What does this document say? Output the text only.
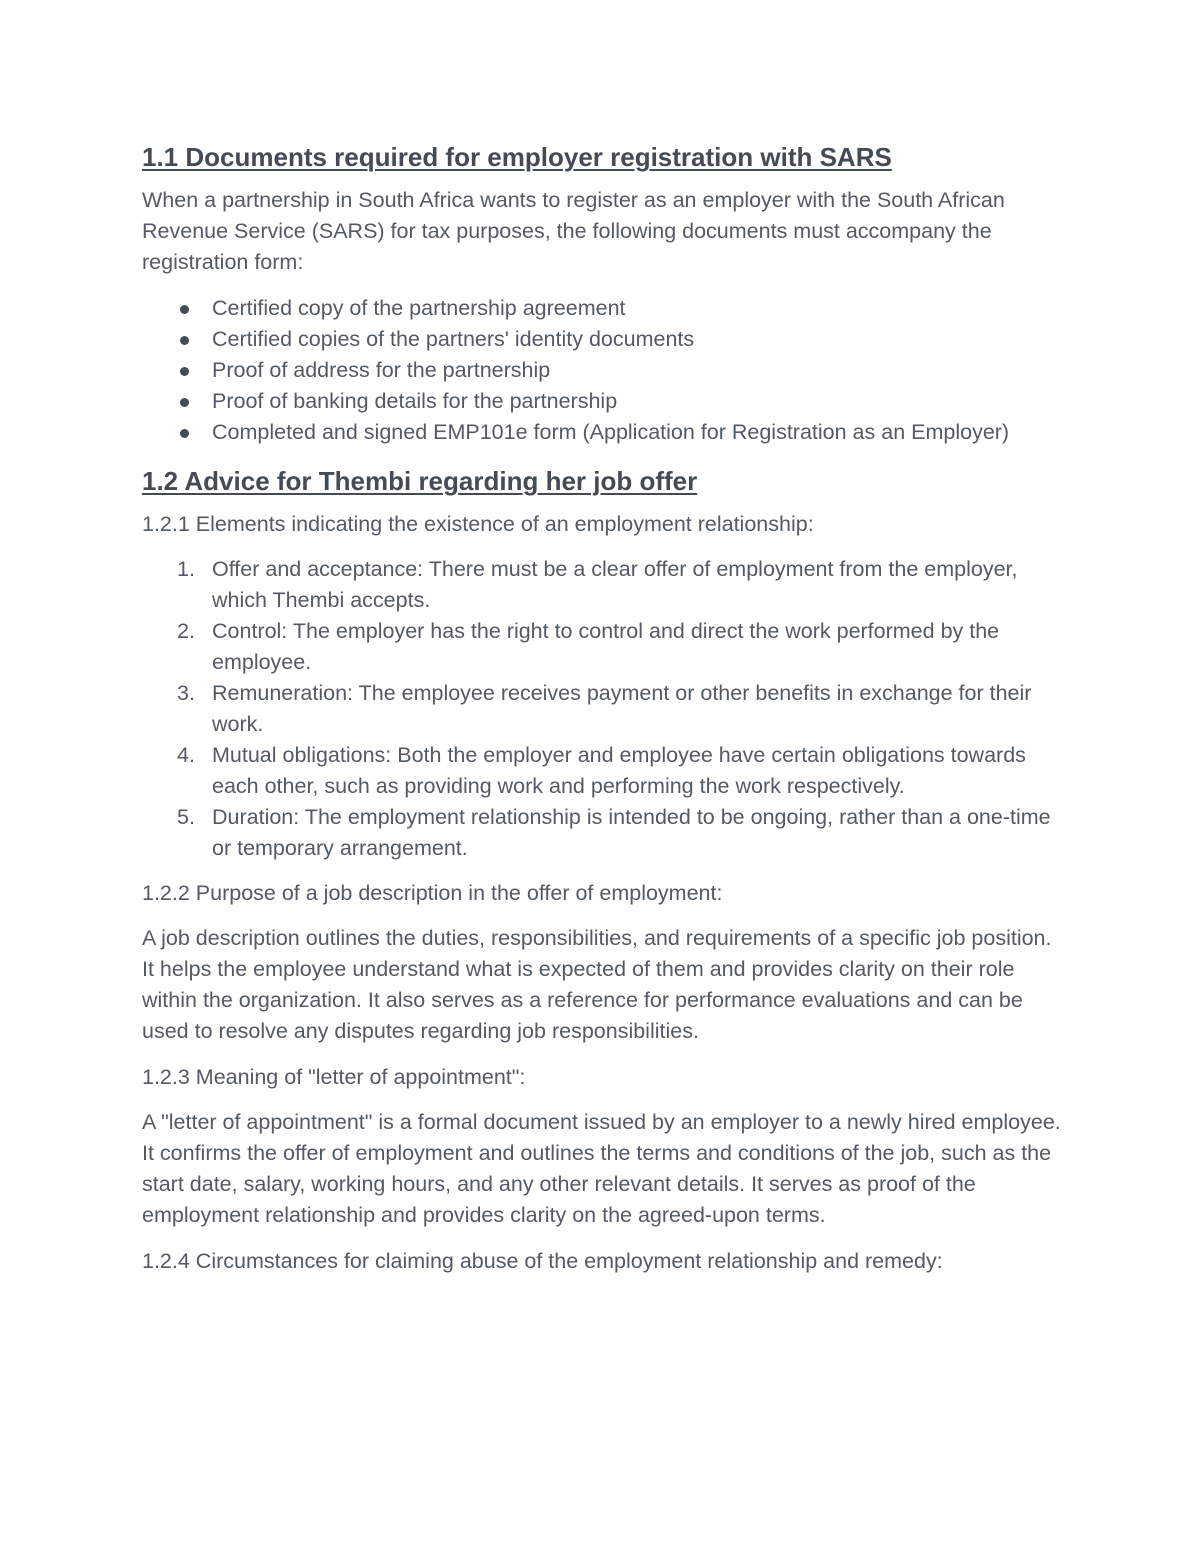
1.1 Documents required for employer registration with SARS

When a partnership in South Africa wants to register as an employer with the South African Revenue Service (SARS) for tax purposes, the following documents must accompany the registration form:

Certified copy of the partnership agreement
Certified copies of the partners' identity documents
Proof of address for the partnership
Proof of banking details for the partnership
Completed and signed EMP101e form (Application for Registration as an Employer)
1.2 Advice for Thembi regarding her job offer

1.2.1 Elements indicating the existence of an employment relationship:

1. Offer and acceptance: There must be a clear offer of employment from the employer, which Thembi accepts.
2. Control: The employer has the right to control and direct the work performed by the employee.
3. Remuneration: The employee receives payment or other benefits in exchange for their work.
4. Mutual obligations: Both the employer and employee have certain obligations towards each other, such as providing work and performing the work respectively.
5. Duration: The employment relationship is intended to be ongoing, rather than a one-time or temporary arrangement.

1.2.2 Purpose of a job description in the offer of employment:

A job description outlines the duties, responsibilities, and requirements of a specific job position. It helps the employee understand what is expected of them and provides clarity on their role within the organization. It also serves as a reference for performance evaluations and can be used to resolve any disputes regarding job responsibilities.

1.2.3 Meaning of "letter of appointment":

A "letter of appointment" is a formal document issued by an employer to a newly hired employee. It confirms the offer of employment and outlines the terms and conditions of the job, such as the start date, salary, working hours, and any other relevant details. It serves as proof of the employment relationship and provides clarity on the agreed-upon terms.

1.2.4 Circumstances for claiming abuse of the employment relationship and remedy:
